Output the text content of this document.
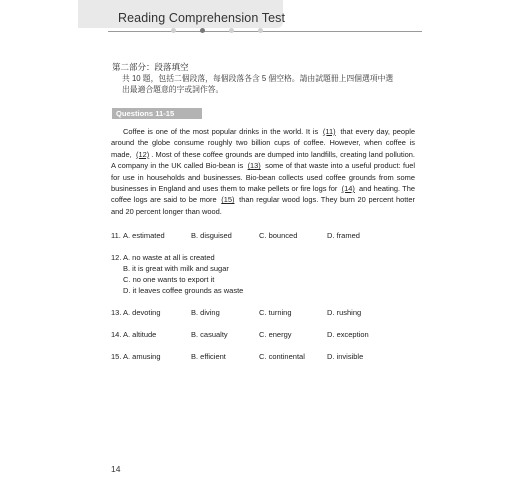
Reading Comprehension Test
第二部分：段落填空
共 10 題，包括二個段落，每個段落各含 5 個空格。請由試題冊上四個選項中選
出最適合題意的字或詞作答。
Questions 11-15

Coffee is one of the most popular drinks in the world. It is (11) that every day, people around the globe consume roughly two billion cups of coffee. However, when coffee is made, (12) . Most of these coffee grounds are dumped into landfills, creating land pollution. A company in the UK called Bio-bean is (13) some of that waste into a useful product: fuel for use in households and businesses. Bio-bean collects used coffee grounds from some businesses in England and uses them to make pellets or fire logs for (14) and heating. The coffee logs are said to be more (15) than regular wood logs. They burn 20 percent hotter and 20 percent longer than wood.

11. A. estimated	B. disguised	C. bounced	D. framed
12. A. no waste at all is created
B. it is great with milk and sugar
C. no one wants to export it
D. it leaves coffee grounds as waste
13. A. devoting	B. diving	C. turning	D. rushing
14. A. altitude	B. casualty	C. energy	D. exception
15. A. amusing	B. efficient	C. continental	D. invisible
14
